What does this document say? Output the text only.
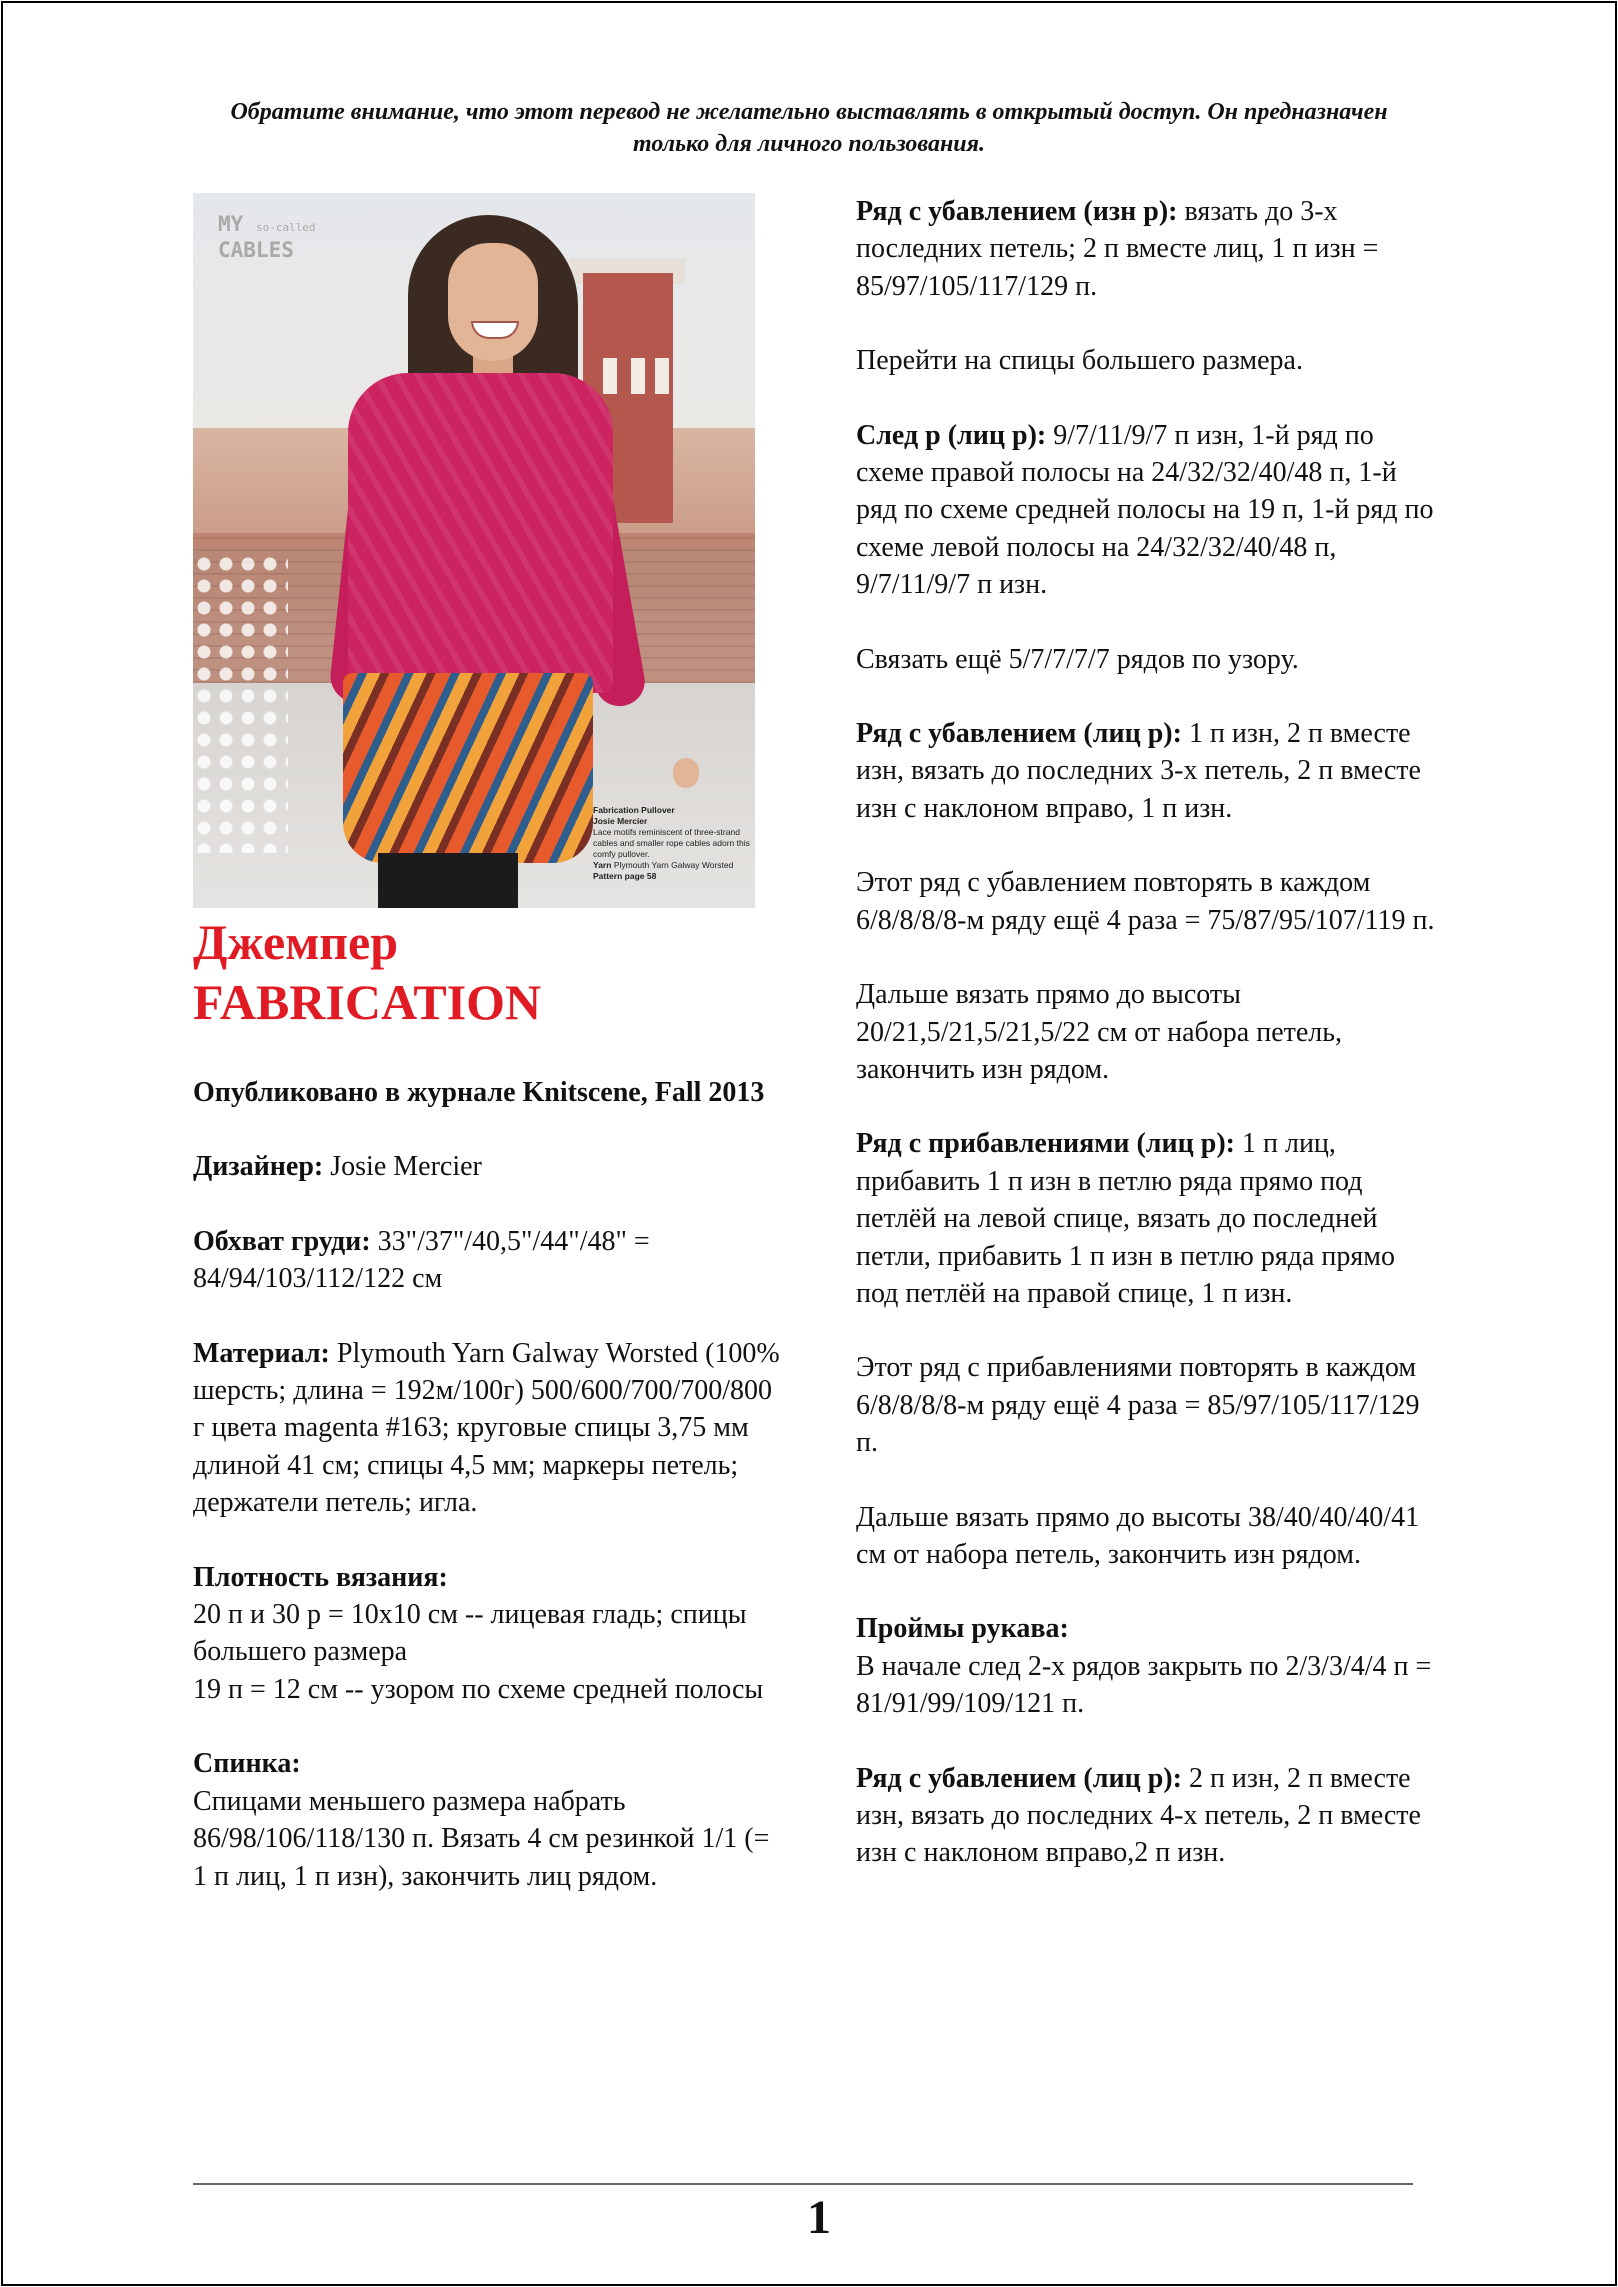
Обратите внимание, что этот перевод не желательно выставлять в открытый доступ. Он предназначен только для личного пользования.
MY so-called
CABLES
Fabrication Pullover
Josie Mercier
Lace motifs reminiscent of three-strand cables and smaller rope cables adorn this comfy pullover.
Yarn Plymouth Yarn Galway Worsted Pattern page 58
Джемпер
FABRICATION

Опубликовано в журнале Knitscene, Fall 2013

Дизайнер: Josie Mercier

Обхват груди: 33"/37"/40,5"/44"/48" = 84/94/103/112/122 см

Материал: Plymouth Yarn Galway Worsted (100% шерсть; длина = 192м/100г) 500/600/700/700/800 г цвета magenta #163; круговые спицы 3,75 мм длиной 41 см; спицы 4,5 мм; маркеры петель; держатели петель; игла.

Плотность вязания:
20 п и 30 р = 10х10 см -- лицевая гладь; спицы большего размера
19 п = 12 см -- узором по схеме средней полосы

Спинка:
Спицами меньшего размера набрать 86/98/106/118/130 п. Вязать 4 см резинкой 1/1 (= 1 п лиц, 1 п изн), закончить лиц рядом.

Ряд с убавлением (изн р): вязать до 3-х последних петель; 2 п вместе лиц, 1 п изн = 85/97/105/117/129 п.

Перейти на спицы большего размера.

След р (лиц р): 9/7/11/9/7 п изн, 1-й ряд по схеме правой полосы на 24/32/32/40/48 п, 1-й ряд по схеме средней полосы на 19 п, 1-й ряд по схеме левой полосы на 24/32/32/40/48 п, 9/7/11/9/7 п изн.

Связать ещё 5/7/7/7/7 рядов по узору.

Ряд с убавлением (лиц р): 1 п изн, 2 п вместе изн, вязать до последних 3-х петель, 2 п вместе изн с наклоном вправо, 1 п изн.

Этот ряд с убавлением повторять в каждом 6/8/8/8/8-м ряду ещё 4 раза = 75/87/95/107/119 п.

Дальше вязать прямо до высоты 20/21,5/21,5/21,5/22 см от набора петель, закончить изн рядом.

Ряд с прибавлениями (лиц р): 1 п лиц, прибавить 1 п изн в петлю ряда прямо под петлёй на левой спице, вязать до последней петли, прибавить 1 п изн в петлю ряда прямо под петлёй на правой спице, 1 п изн.

Этот ряд с прибавлениями повторять в каждом 6/8/8/8/8-м ряду ещё 4 раза = 85/97/105/117/129 п.

Дальше вязать прямо до высоты 38/40/40/40/41 см от набора петель, закончить изн рядом.

Проймы рукава:
В начале след 2-х рядов закрыть по 2/3/3/4/4 п = 81/91/99/109/121 п.

Ряд с убавлением (лиц р): 2 п изн, 2 п вместе изн, вязать до последних 4-х петель, 2 п вместе изн с наклоном вправо,2 п изн.

1
